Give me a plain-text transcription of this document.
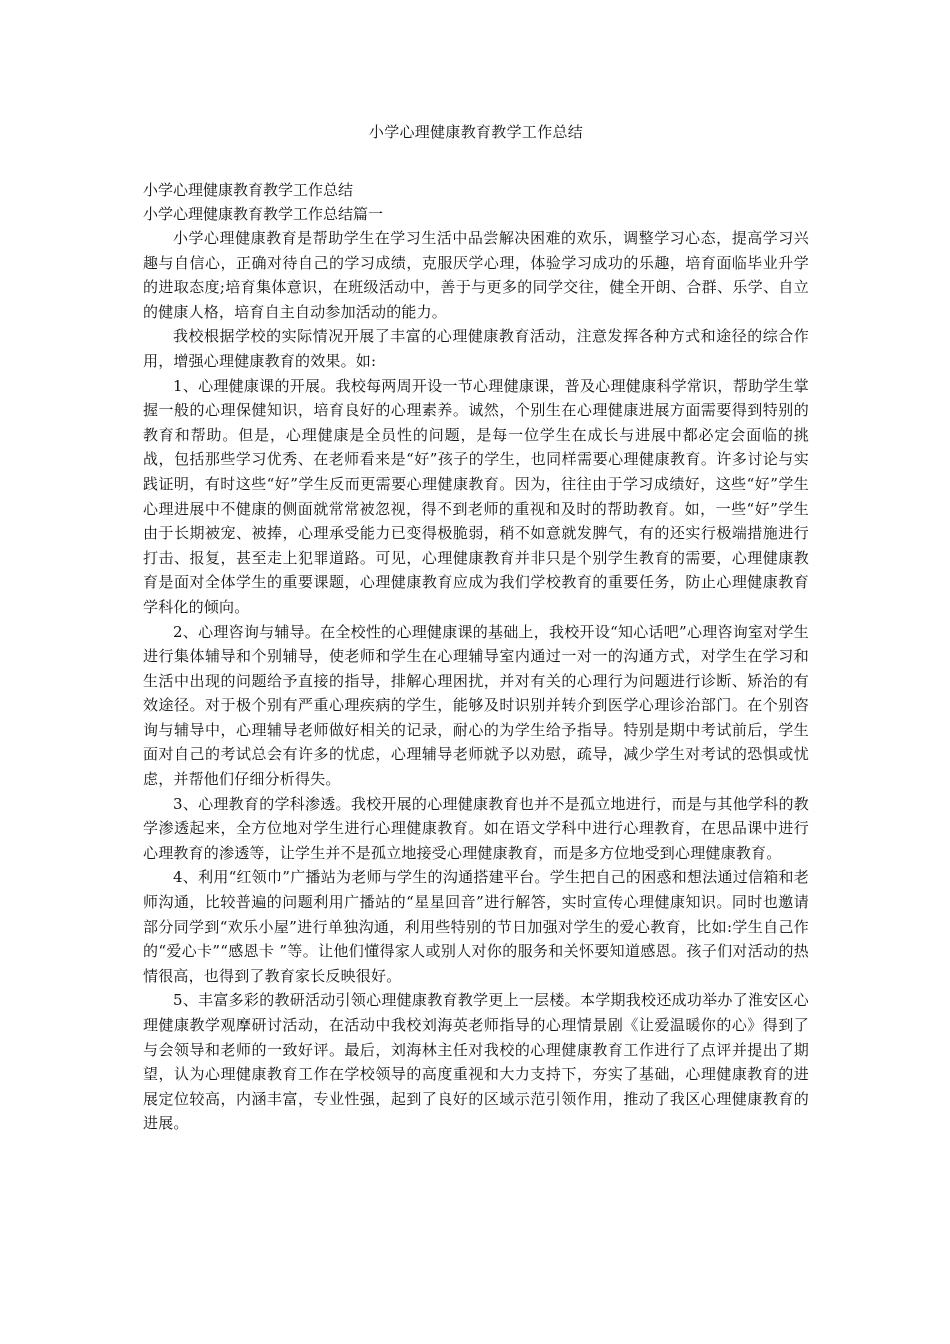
小学心理健康教育教学工作总结
小学心理健康教育教学工作总结
小学心理健康教育教学工作总结篇一

小学心理健康教育是帮助学生在学习生活中品尝解决困难的欢乐，调整学习心态，提高学习兴趣与自信心，正确对待自己的学习成绩，克服厌学心理，体验学习成功的乐趣，培育面临毕业升学的进取态度;培育集体意识，在班级活动中，善于与更多的同学交往，健全开朗、合群、乐学、自立的健康人格，培育自主自动参加活动的能力。

我校根据学校的实际情况开展了丰富的心理健康教育活动，注意发挥各种方式和途径的综合作用，增强心理健康教育的效果。如:

1、心理健康课的开展。我校每两周开设一节心理健康课，普及心理健康科学常识，帮助学生掌握一般的心理保健知识，培育良好的心理素养。诚然，个别生在心理健康进展方面需要得到特别的教育和帮助。但是，心理健康是全员性的问题，是每一位学生在成长与进展中都必定会面临的挑战，包括那些学习优秀、在老师看来是“好”孩子的学生，也同样需要心理健康教育。许多讨论与实践证明，有时这些“好”学生反而更需要心理健康教育。因为，往往由于学习成绩好，这些“好”学生心理进展中不健康的侧面就常常被忽视，得不到老师的重视和及时的帮助教育。如，一些“好”学生由于长期被宠、被捧，心理承受能力已变得极脆弱，稍不如意就发脾气，有的还实行极端措施进行打击、报复，甚至走上犯罪道路。可见，心理健康教育并非只是个别学生教育的需要，心理健康教育是面对全体学生的重要课题，心理健康教育应成为我们学校教育的重要任务，防止心理健康教育学科化的倾向。

2、心理咨询与辅导。在全校性的心理健康课的基础上，我校开设“知心话吧”心理咨询室对学生进行集体辅导和个别辅导，使老师和学生在心理辅导室内通过一对一的沟通方式，对学生在学习和生活中出现的问题给予直接的指导，排解心理困扰，并对有关的心理行为问题进行诊断、矫治的有效途径。对于极个别有严重心理疾病的学生，能够及时识别并转介到医学心理诊治部门。在个别咨询与辅导中，心理辅导老师做好相关的记录，耐心的为学生给予指导。特别是期中考试前后，学生面对自己的考试总会有许多的忧虑，心理辅导老师就予以劝慰，疏导，减少学生对考试的恐惧或忧虑，并帮他们仔细分析得失。

3、心理教育的学科渗透。我校开展的心理健康教育也并不是孤立地进行，而是与其他学科的教学渗透起来，全方位地对学生进行心理健康教育。如在语文学科中进行心理教育，在思品课中进行心理教育的渗透等，让学生并不是孤立地接受心理健康教育，而是多方位地受到心理健康教育。

4、利用“红领巾”广播站为老师与学生的沟通搭建平台。学生把自己的困惑和想法通过信箱和老师沟通，比较普遍的问题利用广播站的“星星回音”进行解答，实时宣传心理健康知识。同时也邀请部分同学到“欢乐小屋”进行单独沟通，利用些特别的节日加强对学生的爱心教育，比如:学生自己作的“爱心卡”“感恩卡 ”等。让他们懂得家人或别人对你的服务和关怀要知道感恩。孩子们对活动的热情很高，也得到了教育家长反映很好。

5、丰富多彩的教研活动引领心理健康教育教学更上一层楼。本学期我校还成功举办了淮安区心理健康教学观摩研讨活动，在活动中我校刘海英老师指导的心理情景剧《让爱温暖你的心》得到了与会领导和老师的一致好评。最后，刘海林主任对我校的心理健康教育工作进行了点评并提出了期望，认为心理健康教育工作在学校领导的高度重视和大力支持下，夯实了基础，心理健康教育的进展定位较高，内涵丰富，专业性强，起到了良好的区域示范引领作用，推动了我区心理健康教育的进展。
